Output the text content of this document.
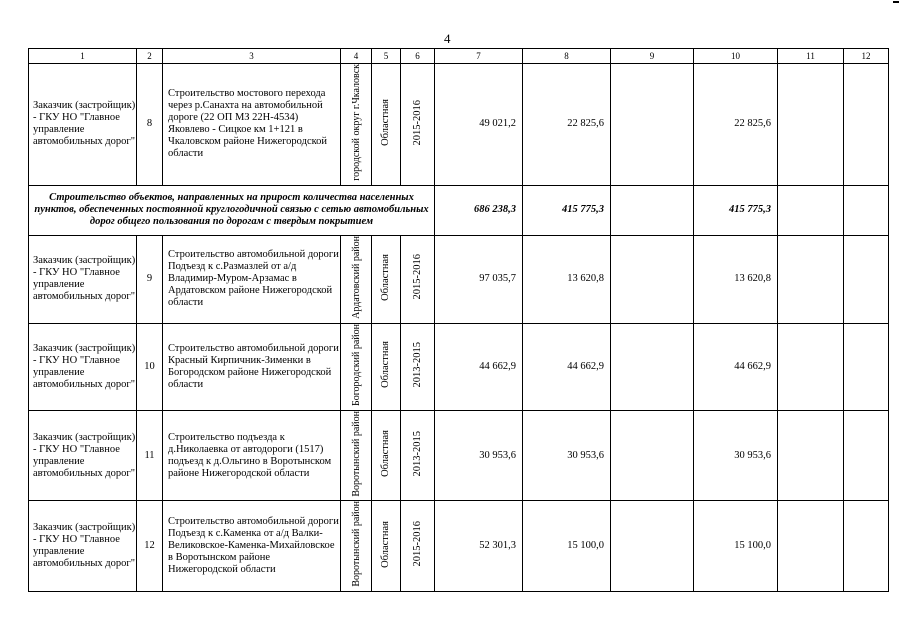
4
1	2	3	4	5	6	7	8	9	10	11	12
Заказчик (застройщик) - ГКУ НО "Главное управление автомобильных дорог"	8	Строительство мостового перехода через р.Санахта на автомобильной дороге (22 ОП МЗ 22Н-4534) Яковлево - Сицкое км 1+121 в Чкаловском районе Нижегородской области	городской округ г.Чкаловск	Областная	2015-2016	49 021,2	22 825,6		22 825,6		
Строительство объектов, направленных на прирост количества населенных пунктов, обеспеченных постоянной круглогодичной связью с сетью автомобильных дорог общего пользования по дорогам с твердым покрытием						686 238,3	415 775,3		415 775,3		
Заказчик (застройщик) - ГКУ НО "Главное управление автомобильных дорог"	9	Строительство автомобильной дороги Подъезд к с.Размазлей от а/д Владимир-Муром-Арзамас в Ардатовском районе Нижегородской области	Ардатовский район	Областная	2015-2016	97 035,7	13 620,8		13 620,8		
Заказчик (застройщик) - ГКУ НО "Главное управление автомобильных дорог"	10	Строительство автомобильной дороги Красный Кирпичник-Зименки в Богородском районе Нижегородской области	Богородский район	Областная	2013-2015	44 662,9	44 662,9		44 662,9		
Заказчик (застройщик) - ГКУ НО "Главное управление автомобильных дорог"	11	Строительство подъезда к д.Николаевка от автодороги (1517) подъезд к д.Ольгино в Воротынском районе Нижегородской области	Воротынский район	Областная	2013-2015	30 953,6	30 953,6		30 953,6		
Заказчик (застройщик) - ГКУ НО "Главное управление автомобильных дорог"	12	Строительство автомобильной дороги Подъезд к с.Каменка от а/д Валки-Великовское-Каменка-Михайловское в Воротынском районе Нижегородской области	Воротынский район	Областная	2015-2016	52 301,3	15 100,0		15 100,0		
